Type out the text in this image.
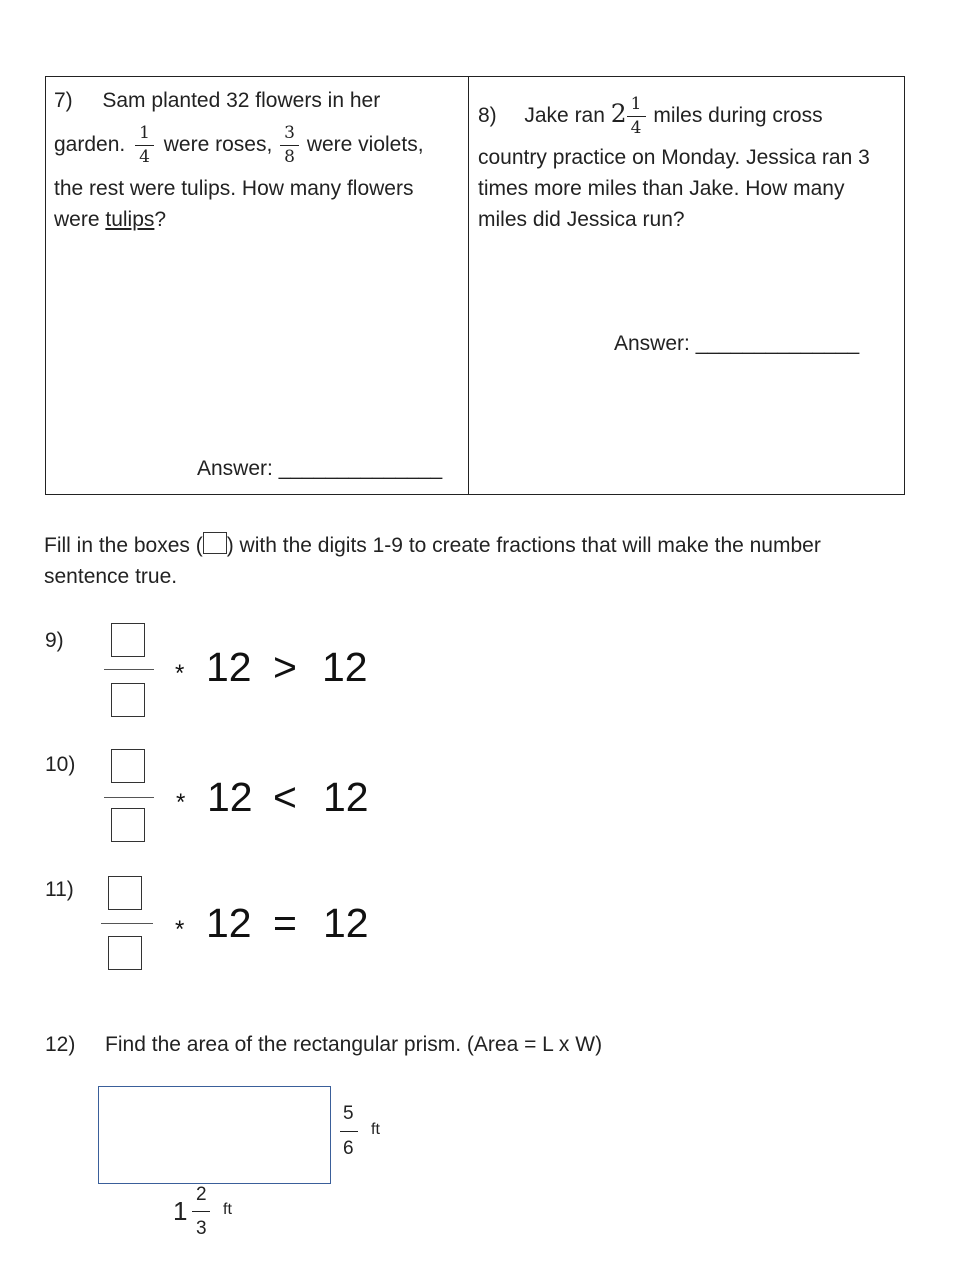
7) Sam planted 32 flowers in her
garden. $\frac{1}{4}$ were roses, $\frac{3}{8}$ were violets,
the rest were tulips. How many flowers
were tulips?
Answer: ______________
8) Jake ran $2 \frac{1}{4}$ miles during cross
country practice on Monday. Jessica ran 3
times more miles than Jake. How many
miles did Jessica run?
Answer: ______________
Fill in the boxes ( ) with the digits 1-9 to create fractions that will make the number
sentence true.
9)
* 12 > 12
10)
* 12 < 12
11)
* 12 = 12
12) Find the area of the rectangular prism. (Area = L x W)
5
6
ft
1
2
3
ft
